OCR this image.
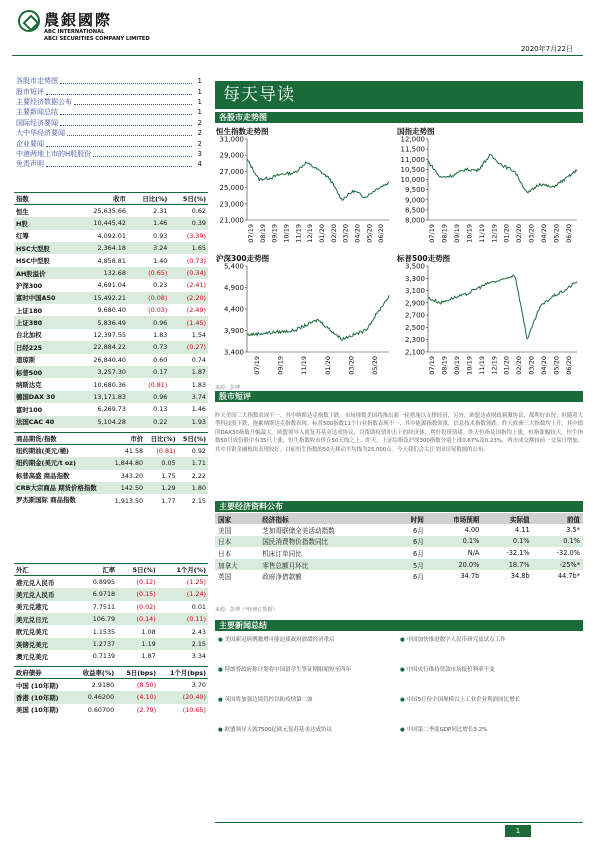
農銀國際
ABC INTERNATIONAL
ABCI SECURITIES COMPANY LIMITED
2020年7月22日
各股市走势图	1
股市短评	1
主要经济数据公布	1
主要新闻总结	1
国际经济要闻	2
大中华经济要闻	2
企业要闻	2
中港两地上市的H股股份	3
免责声明	4
每天导读
各股市走势图
恒生指数走势图	国指走势图
沪深300走势图	标普500走势图
31,000
29,000
27,000
25,000
23,000
21,000
07/19 08/19 09/19 10/19 11/19 12/19 01/20 02/20 03/20 04/20 05/20 06/20
12,000
11,500
11,000
10,500
10,000
9,500
9,000
8,500
8,000
07/19 08/19 09/19 10/19 11/19 12/19 01/20 02/20 03/20 04/20 05/20 06/20
5,400
4,900
4,400
3,900
3,400
07/19 09/19 11/19 01/20 03/20 05/20
3,500
3,300
3,100
2,900
2,700
2,500
2,300
2,100
07/19 08/19 09/19 10/19 11/19 12/19 01/20 02/20 03/20 04/20 05/20 06/20
来源：彭博
股市短评
昨天美国三大指数表现不一，其中纳斯达克指数下跌。市场憧憬美国将推出新一轮措施以支撑经济，另外，欧盟达成财政刺激协议，都利好市况；但随着大型科技股下跌，拖累纳斯达克指数表现。标普500指数11个行业指数表现不一，其中能源指数领涨，信息技术指数领跌。昨天欧洲三大指数均上升，其中德国DAX30指数升幅最大。欧盟领导人就复苏基金达成协议，以帮助疫情冲击下的经济体，利好投资情绪。昨天恒指及国指均上涨，恒指涨幅较大。恒生指数50只成份股中有35只上涨，恒生指数收市价在50天线之上。昨天，上证综指及沪深300指数分别上涨0.67%及0.23%，两市成交额较前一交易日增加，其中非银金融板块表现较好。目前恒生指数的50天移动平均线为25,000点。今天我们会关注美国房屋数据的公布。
主要经济资料公布
国家	经济指标	时间	市场预期	实际值	前值
美国	芝加哥联储全美活动指数	6月	4.00	4.11	3.5*
日本	国民消费物价指数同比	6月	0.1%	0.1%	0.1%
日本	机床订单同比	6月	N/A	-32.1%	-32.0%
加拿大	零售总额月环比	5月	20.0%	18.7%	-25%*
英国	政府净借款额	6月	34.7b	34.8b	44.7b*
来源：彭博（*经修订数据）
主要新闻总结
● 美国新冠病例激增可能迫使政府放缓经济重启
● 特朗普政府称计划将中国留学生签证期限缩短至四年
● 英国将加强边境管控以防疫情第二波
● 欧盟领导人就7500亿欧元复苏基金达成协议
● 中国加快推进数字人民币研究及试点工作
● 中国央行维持贷款市场报价利率不变
● 中国5月份全国规模以上工业企业利润同比增长
● 中国第二季度GDP同比增长3.2%
指数	收市	日比(%)	5日(%)
恒生	25,635.66	2.31	0.62
H股	10,445.42	1.46	0.39
红筹	4,092.01	0.93	(3.39)
HSC大型股	2,364.18	3.24	1.65
HSC中型股	4,858.81	1.40	(0.73)
AH股溢价	132.68	(0.65)	(0.34)
沪深300	4,691.04	0.23	(2.41)
富时中国A50	15,492.21	(0.08)	(2.20)
上证180	9,680.40	(0.03)	(2.49)
上证380	5,836.49	0.96	(1.45)
台北加权	12,397.55	1.83	1.54
日经225	22,884.22	0.73	(0.27)
道琼斯	26,840.40	0.60	0.74
标普500	3,257.30	0.17	1.87
纳斯达克	10,680.36	(0.81)	1.83
德国DAX 30	13,171.83	0.96	3.74
富时100	6,269.73	0.13	1.46
法国CAC 40	5,104.28	0.22	1.93
商品期货/指数	市价	日比(%)	5日(%)
纽约期油(美元/桶)	41.58	(0.81)	0.92
纽约期金(美元/t oz)	1,844.80	0.05	1.71
标普高盛 商品指数	343.20	1.75	2.22
CRB大宗商品 期货价格指数	142.50	1.29	1.80
罗杰斯国际 商品指数	1,913.50	1.77	2.15
外汇	汇率	5日(%)	1个月(%)
港元兑人民币	0.8995	(0.12)	(1.25)
美元兑人民币	6.9718	(0.15)	(1.24)
美元兑港元	7.7511	(0.02)	0.01
美元兑日元	106.79	(0.14)	(0.11)
欧元兑美元	1.1535	1.08	2.43
英镑兑美元	1.2737	1.19	2.15
澳元兑美元	0.7139	1.87	3.34
政府债券	收益率(%)	5日(bps)	1个月(bps)
中国 (10年期)	2.9180	(8.50)	3.70
香港 (10年期)	0.46200	(4.10)	(20.40)
美国 (10年期)	0.60700	(2.79)	(10.65)
1
